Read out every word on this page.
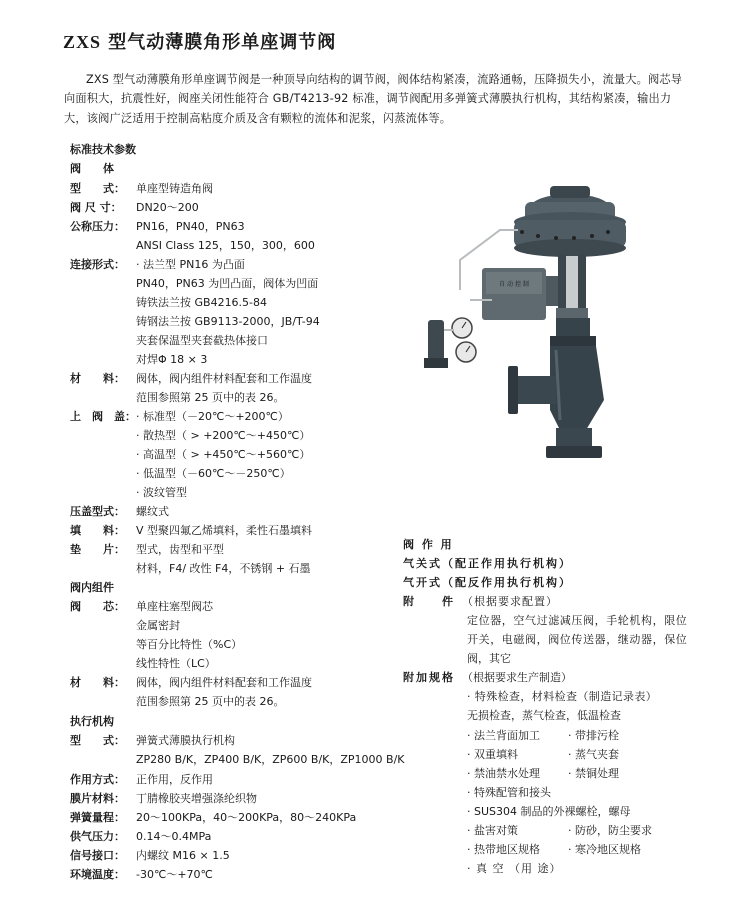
ZXS 型气动薄膜角形单座调节阀

ZXS 型气动薄膜角形单座调节阀是一种顶导向结构的调节阀，阀体结构紧凑，流路通畅，压降损失小，流量大。阀芯导向面积大，抗震性好，阀座关闭性能符合 GB/T4213-92 标准，调节阀配用多弹簧式薄膜执行机构，其结构紧凑，输出力大，该阀广泛适用于控制高粘度介质及含有颗粒的流体和泥浆，闪蒸流体等。

标准技术参数
阀　　体
型　　式：	单座型铸造角阀
阀 尺 寸：	DN20～200
公称压力：	PN16，PN40，PN63
ANSI Class 125，150，300，600
连接形式：	· 法兰型 PN16 为凸面
PN40，PN63 为凹凸面，阀体为凹面
铸铁法兰按 GB4216.5-84
铸钢法兰按 GB9113-2000，JB/T-94
夹套保温型夹套截热体接口
对焊Φ 18 × 3
材　　料：	阀体，阀内组件材料配套和工作温度
范围参照第 25 页中的表 26。
上　阀　盖： · 标准型（－20℃～+200℃）
· 散热型（ > +200℃～+450℃）
· 高温型（ > +450℃～+560℃）
· 低温型（－60℃～－250℃）
· 波纹管型
压盖型式：	螺纹式
填　　料：	V 型聚四氟乙烯填料，柔性石墨填料
垫　　片：	型式，齿型和平型
材料，F4/ 改性 F4，不锈钢 + 石墨
阀内组件
阀　　芯：	单座柱塞型阀芯
金属密封
等百分比特性（%C）
线性特性（LC）
材　　料：	阀体，阀内组件材料配套和工作温度
范围参照第 25 页中的表 26。
执行机构
型　　式：	弹簧式薄膜执行机构
ZP280 B/K，ZP400 B/K，ZP600 B/K，ZP1000 B/K
作用方式：	正作用，反作用
膜片材料：	丁腈橡胶夹增强涤纶织物
弹簧量程：	20～100KPa，40～200KPa，80～240KPa
供气压力：	0.14～0.4MPa
信号接口：	内螺纹 M16 × 1.5
环境温度：	-30℃～+70℃
自 动 控 制
阀 作 用
气关式（配正作用执行机构）
气开式（配反作用执行机构）
附　　件 （根据要求配置）
定位器，空气过滤减压阀，手轮机构，限位
开关，电磁阀，阀位传送器，继动器，保位
阀，其它
附加规格 （根据要求生产制造）
· 特殊检查，材料检查（制造记录表）
无损检查，蒸气检查，低温检查
· 法兰背面加工	· 带排污栓
· 双重填料	· 蒸气夹套
· 禁油禁水处理	· 禁铜处理
· 特殊配管和接头
· SUS304 制品的外裸螺栓，螺母
· 盐害对策	· 防砂，防尘要求
· 热带地区规格	· 寒冷地区规格
· 真 空 （用 途）
